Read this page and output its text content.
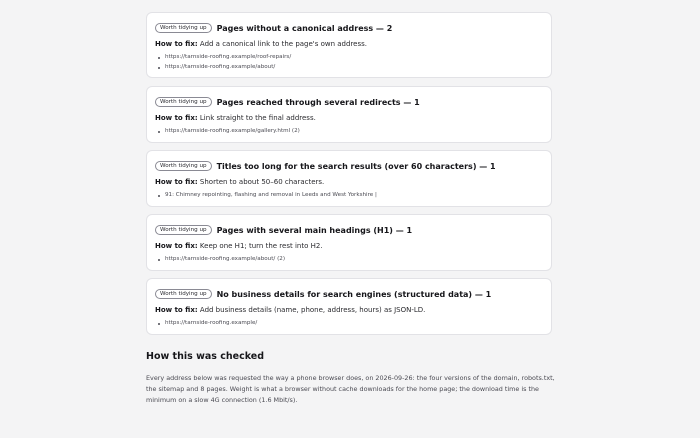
Worth tidying up	Pages without a canonical address — 2
How to fix: Add a canonical link to the page's own address.
https://tarnside-roofing.example/roof-repairs/
https://tarnside-roofing.example/about/
Worth tidying up	Pages reached through several redirects — 1
How to fix: Link straight to the final address.
https://tarnside-roofing.example/gallery.html (2)
Worth tidying up	Titles too long for the search results (over 60 characters) — 1
How to fix: Shorten to about 50–60 characters.
91: Chimney repointing, flashing and removal in Leeds and West Yorkshire |
Worth tidying up	Pages with several main headings (H1) — 1
How to fix: Keep one H1; turn the rest into H2.
https://tarnside-roofing.example/about/ (2)
Worth tidying up	No business details for search engines (structured data) — 1
How to fix: Add business details (name, phone, address, hours) as JSON-LD.
https://tarnside-roofing.example/
How this was checked
Every address below was requested the way a phone browser does, on 2026-09-26: the four versions of the domain, robots.txt, the sitemap and 8 pages. Weight is what a browser without cache downloads for the home page; the download time is the minimum on a slow 4G connection (1.6 Mbit/s).
